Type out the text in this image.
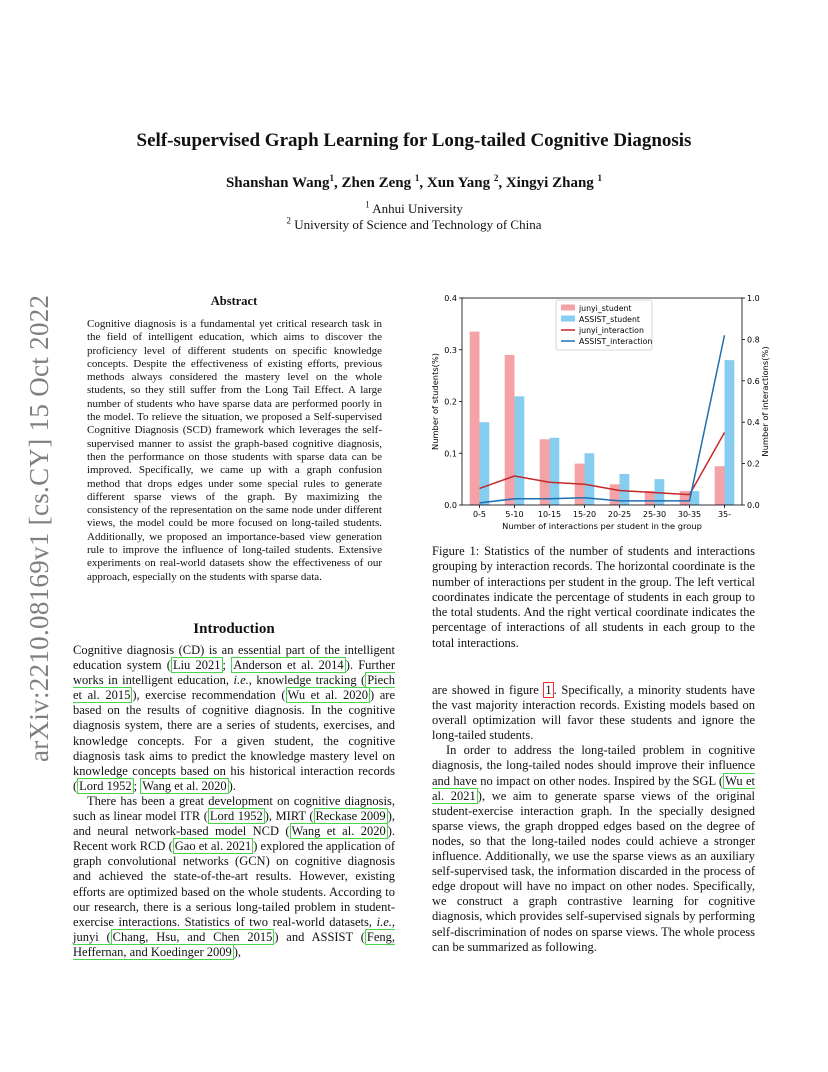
Self-supervised Graph Learning for Long-tailed Cognitive Diagnosis
Shanshan Wang$^1$, Zhen Zeng $^1$, Xun Yang $^2$, Xingyi Zhang $^1$
$^1$ Anhui University
$^2$ University of Science and Technology of China
arXiv:2210.08169v1 [cs.CY] 15 Oct 2022	Abstract
Cognitive diagnosis is a fundamental yet critical research task in the field of intelligent education, which aims to discover the proficiency level of different students on specific knowledge concepts. Despite the effectiveness of existing efforts, previous methods always considered the mastery level on the whole students, so they still suffer from the Long Tail Effect. A large number of students who have sparse data are performed poorly in the model. To relieve the situation, we proposed a Self-supervised Cognitive Diagnosis (SCD) framework which leverages the self-supervised manner to assist the graph-based cognitive diagnosis, then the performance on those students with sparse data can be improved. Specifically, we came up with a graph confusion method that drops edges under some special rules to generate different sparse views of the graph. By maximizing the consistency of the representation on the same node under different views, the model could be more focused on long-tailed students. Additionally, we proposed an importance-based view generation rule to improve the influence of long-tailed students. Extensive experiments on real-world datasets show the effectiveness of our approach, especially on the students with sparse data.
Introduction

Cognitive diagnosis (CD) is an essential part of the intelligent education system ( Liu 2021 ; Anderson et al. 2014 ). Further works in intelligent education, i.e., knowledge tracking ( Piech et al. 2015 ), exercise recommendation ( Wu et al. 2020 ) are based on the results of cognitive diagnosis. In the cognitive diagnosis system, there are a series of students, exercises, and knowledge concepts. For a given student, the cognitive diagnosis task aims to predict the knowledge mastery level on knowledge concepts based on his historical interaction records ( Lord 1952 ; Wang et al. 2020 ).

There has been a great development on cognitive diagnosis, such as linear model ITR ( Lord 1952 ), MIRT ( Reckase 2009 ), and neural network-based model NCD ( Wang et al. 2020 ). Recent work RCD ( Gao et al. 2021 ) explored the application of graph convolutional networks (GCN) on cognitive diagnosis and achieved the state-of-the-art results. However, existing efforts are optimized based on the whole students. According to our research, there is a serious long-tailed problem in student-exercise interactions. Statistics of two real-world datasets, i.e., junyi ( Chang, Hsu, and Chen 2015 ) and ASSIST ( Feng, Heffernan, and Koedinger 2009 ),

0.0
0.1
0.2
0.3
0.4
0.0
0.2
0.4
0.6
0.8
1.0
0-5 5-10 10-15 15-20 20-25 25-30 30-35 35-
Number of interactions per student in the group
Number of students(%)	Number of interactions(%)
junyi_student
ASSIST_student
junyi_interaction
ASSIST_interaction
Figure 1: Statistics of the number of students and interactions grouping by interaction records. The horizontal coordinate is the number of interactions per student in the group. The left vertical coordinates indicate the percentage of students in each group to the total students. And the right vertical coordinate indicates the percentage of interactions of all students in each group to the total interactions.

are showed in figure 1 . Specifically, a minority students have the vast majority interaction records. Existing models based on overall optimization will favor these students and ignore the long-tailed students.

In order to address the long-tailed problem in cognitive diagnosis, the long-tailed nodes should improve their influence and have no impact on other nodes. Inspired by the SGL ( Wu et al. 2021 ), we aim to generate sparse views of the original student-exercise interaction graph. In the specially designed sparse views, the graph dropped edges based on the degree of nodes, so that the long-tailed nodes could achieve a stronger influence. Additionally, we use the sparse views as an auxiliary self-supervised task, the information discarded in the process of edge dropout will have no impact on other nodes. Specifically, we construct a graph contrastive learning for cognitive diagnosis, which provides self-supervised signals by performing self-discrimination of nodes on sparse views. The whole process can be summarized as following.
